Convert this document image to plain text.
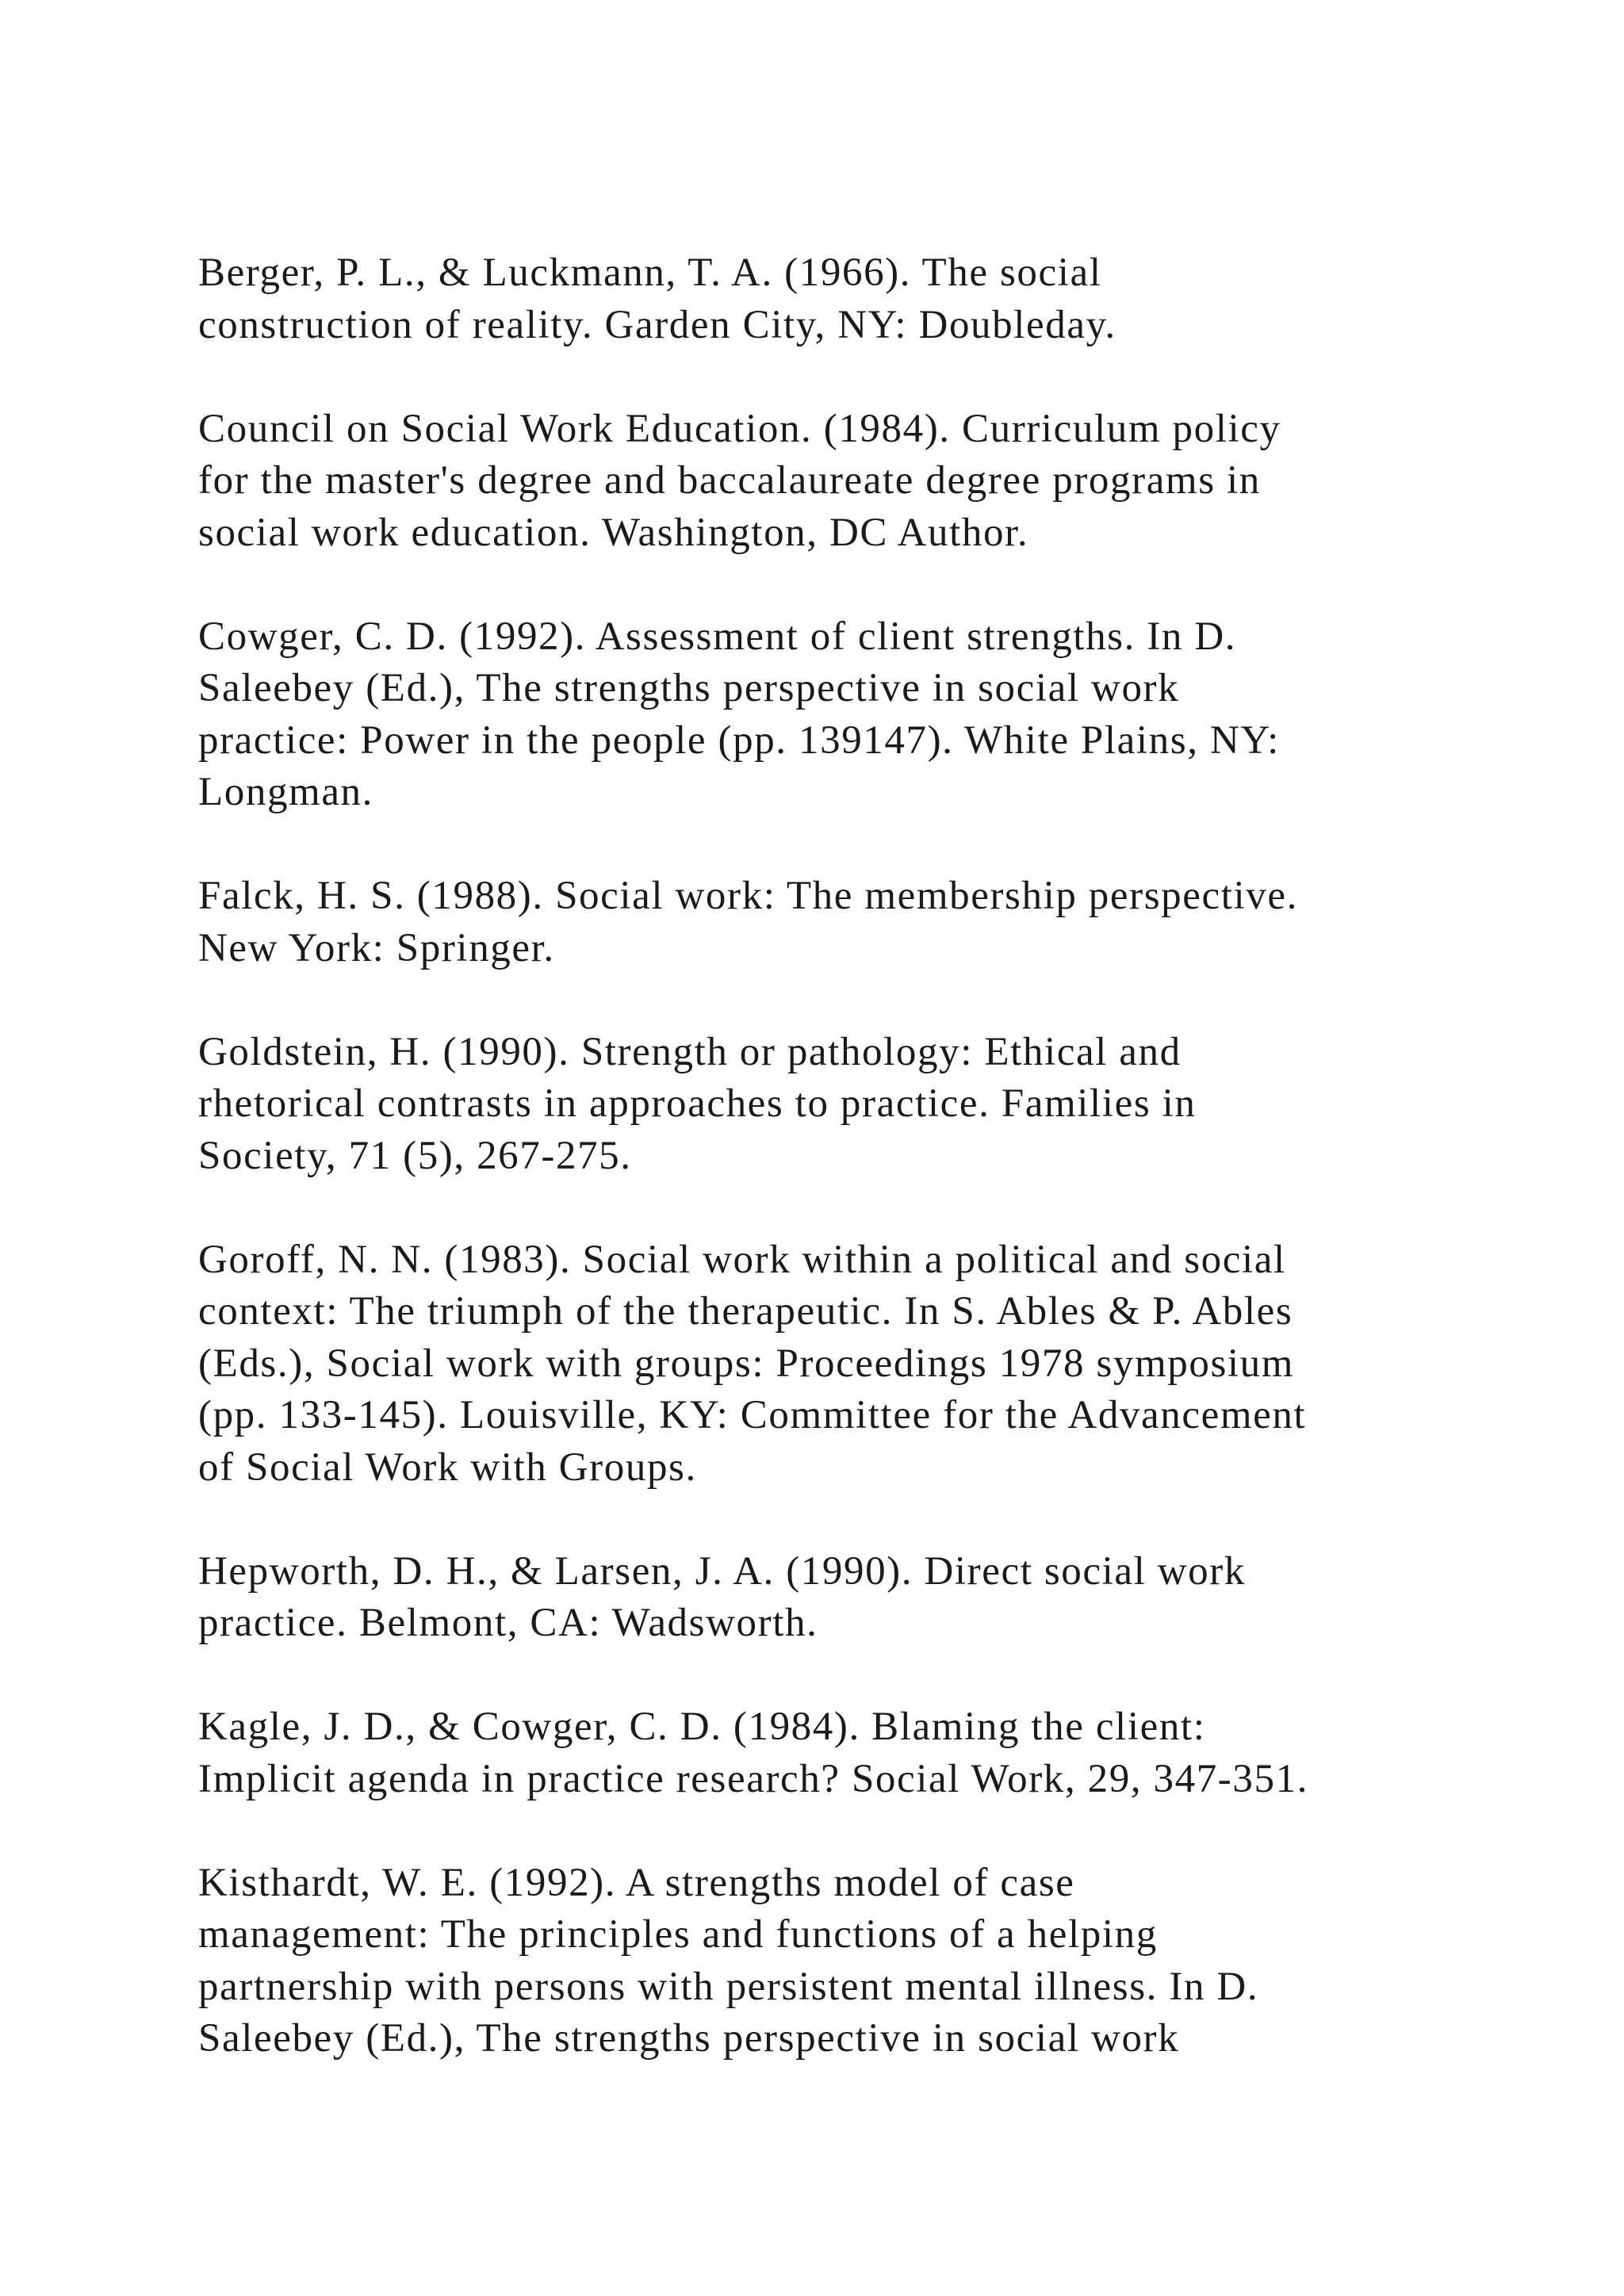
Berger, P. L., & Luckmann, T. A. (1966). The social
construction of reality. Garden City, NY: Doubleday.
Council on Social Work Education. (1984). Curriculum policy
for the master's degree and baccalaureate degree programs in
social work education. Washington, DC Author.
Cowger, C. D. (1992). Assessment of client strengths. In D.
Saleebey (Ed.), The strengths perspective in social work
practice: Power in the people (pp. 139147). White Plains, NY:
Longman.
Falck, H. S. (1988). Social work: The membership perspective.
New York: Springer.
Goldstein, H. (1990). Strength or pathology: Ethical and
rhetorical contrasts in approaches to practice. Families in
Society, 71 (5), 267-275.
Goroff, N. N. (1983). Social work within a political and social
context: The triumph of the therapeutic. In S. Ables & P. Ables
(Eds.), Social work with groups: Proceedings 1978 symposium
(pp. 133-145). Louisville, KY: Committee for the Advancement
of Social Work with Groups.
Hepworth, D. H., & Larsen, J. A. (1990). Direct social work
practice. Belmont, CA: Wadsworth.
Kagle, J. D., & Cowger, C. D. (1984). Blaming the client:
Implicit agenda in practice research? Social Work, 29, 347-351.
Kisthardt, W. E. (1992). A strengths model of case
management: The principles and functions of a helping
partnership with persons with persistent mental illness. In D.
Saleebey (Ed.), The strengths perspective in social work
